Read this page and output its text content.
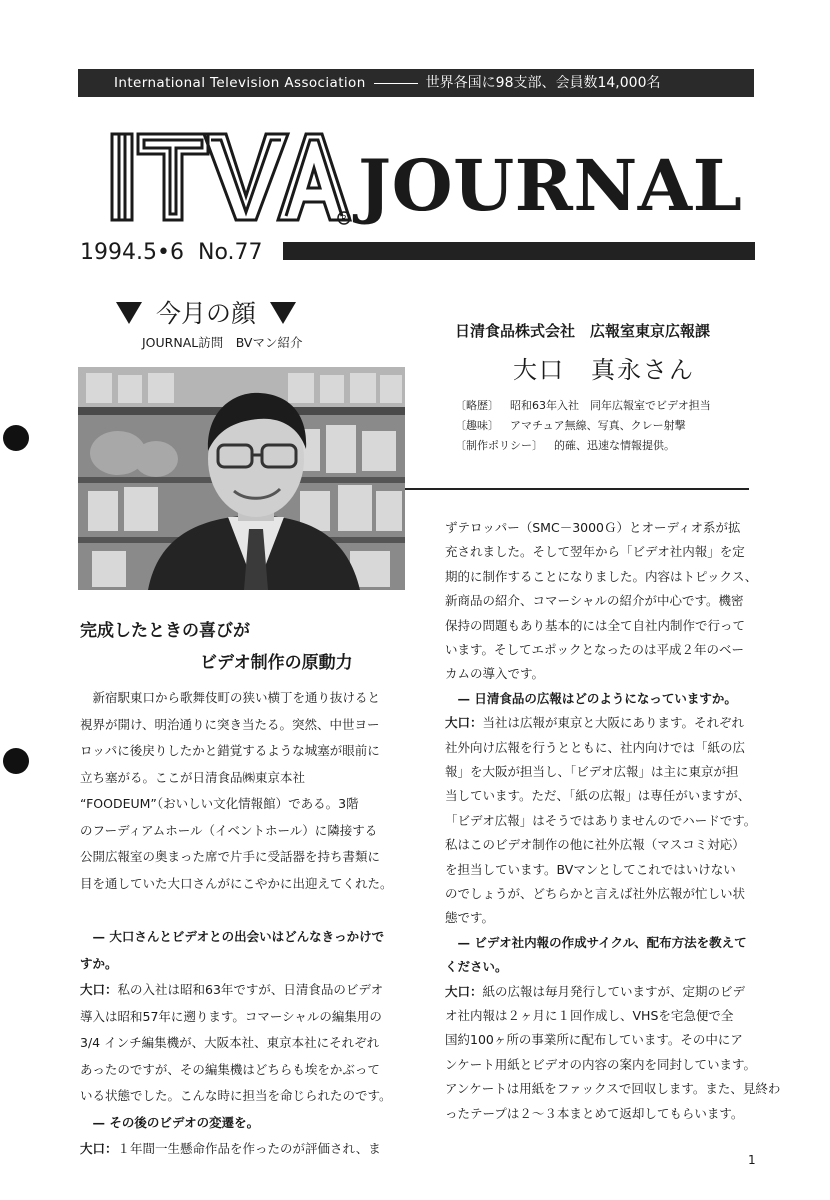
International Television Association	世界各国に98支部、会員数14,000名
R JOURNAL
1994.5•6 No.77
今月の顔
JOURNAL訪問　BVマン紹介
日清食品株式会社　広報室東京広報課
大口　真永さん
〔略歴〕　 昭和63年入社　同年広報室でビデオ担当
〔趣味〕　 アマチュア無線、写真、クレー射撃
〔制作ポリシー〕　 的確、迅速な情報提供。
完成したときの喜びが
ビデオ制作の原動力
　新宿駅東口から歌舞伎町の狭い横丁を通り抜けると
視界が開け、明治通りに突き当たる。突然、中世ヨー
ロッパに後戻りしたかと錯覚するような城塞が眼前に
立ち塞がる。ここが日清食品㈱東京本社
“FOODEUM”（おいしい文化情報館）である。3階
のフーディアムホール（イベントホール）に隣接する
公開広報室の奥まった席で片手に受話器を持ち書類に
目を通していた大口さんがにこやかに出迎えてくれた。
　— 大口さんとビデオとの出会いはどんなきっかけで
すか。
大口：私の入社は昭和63年ですが、日清食品のビデオ
導入は昭和57年に遡ります。コマーシャルの編集用の
3/4 インチ編集機が、大阪本社、東京本社にそれぞれ
あったのですが、その編集機はどちらも埃をかぶって
いる状態でした。こんな時に担当を命じられたのです。
　— その後のビデオの変遷を。
大口：１年間一生懸命作品を作ったのが評価され、ま
ずテロッパー（SMC－3000Ｇ）とオーディオ系が拡
充されました。そして翌年から「ビデオ社内報」を定
期的に制作することになりました。内容はトピックス、
新商品の紹介、コマーシャルの紹介が中心です。機密
保持の問題もあり基本的には全て自社内制作で行って
います。そしてエポックとなったのは平成２年のベー
カムの導入です。
　— 日清食品の広報はどのようになっていますか。
大口：当社は広報が東京と大阪にあります。それぞれ
社外向け広報を行うとともに、社内向けでは「紙の広
報」を大阪が担当し、「ビデオ広報」は主に東京が担
当しています。ただ、「紙の広報」は専任がいますが、
「ビデオ広報」はそうではありませんのでハードです。
私はこのビデオ制作の他に社外広報（マスコミ対応）
を担当しています。BVマンとしてこれではいけない
のでしょうが、どちらかと言えば社外広報が忙しい状
態です。
　— ビデオ社内報の作成サイクル、配布方法を教えて
ください。
大口：紙の広報は毎月発行していますが、定期のビデ
オ社内報は２ヶ月に１回作成し、VHSを宅急便で全
国約100ヶ所の事業所に配布しています。その中にア
ンケート用紙とビデオの内容の案内を同封しています。
アンケートは用紙をファックスで回収します。また、見終わ
ったテープは２～３本まとめて返却してもらいます。
1
